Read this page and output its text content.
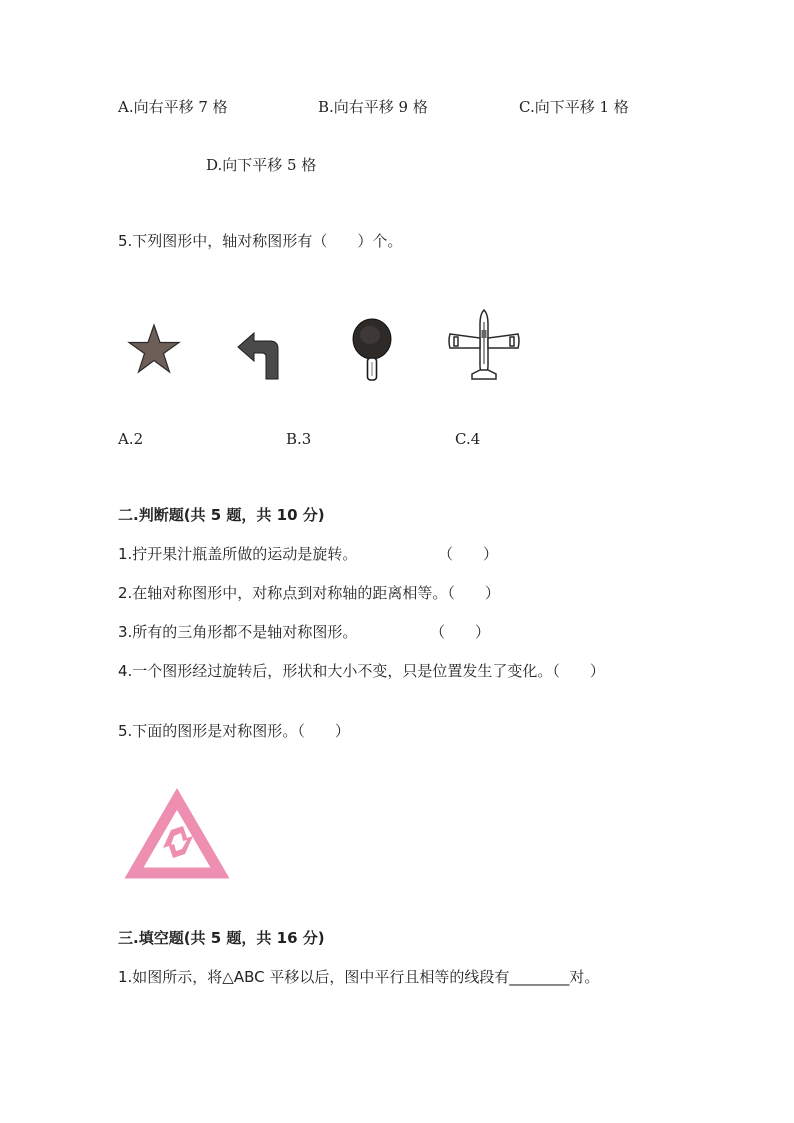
A.向右平移 7 格	B.向右平移 9 格	C.向下平移 1 格
D.向下平移 5 格
5.下列图形中，轴对称图形有（　　）个。
A.2	B.3	C.4
二.判断题(共 5 题，共 10 分)
1.拧开果汁瓶盖所做的运动是旋转。	（　　）
2.在轴对称图形中，对称点到对称轴的距离相等。（　　）
3.所有的三角形都不是轴对称图形。	（　　）
4.一个图形经过旋转后，形状和大小不变，只是位置发生了变化。（　　）
5.下面的图形是对称图形。（　　）
三.填空题(共 5 题，共 16 分)
1.如图所示，将△ABC 平移以后，图中平行且相等的线段有________对。
